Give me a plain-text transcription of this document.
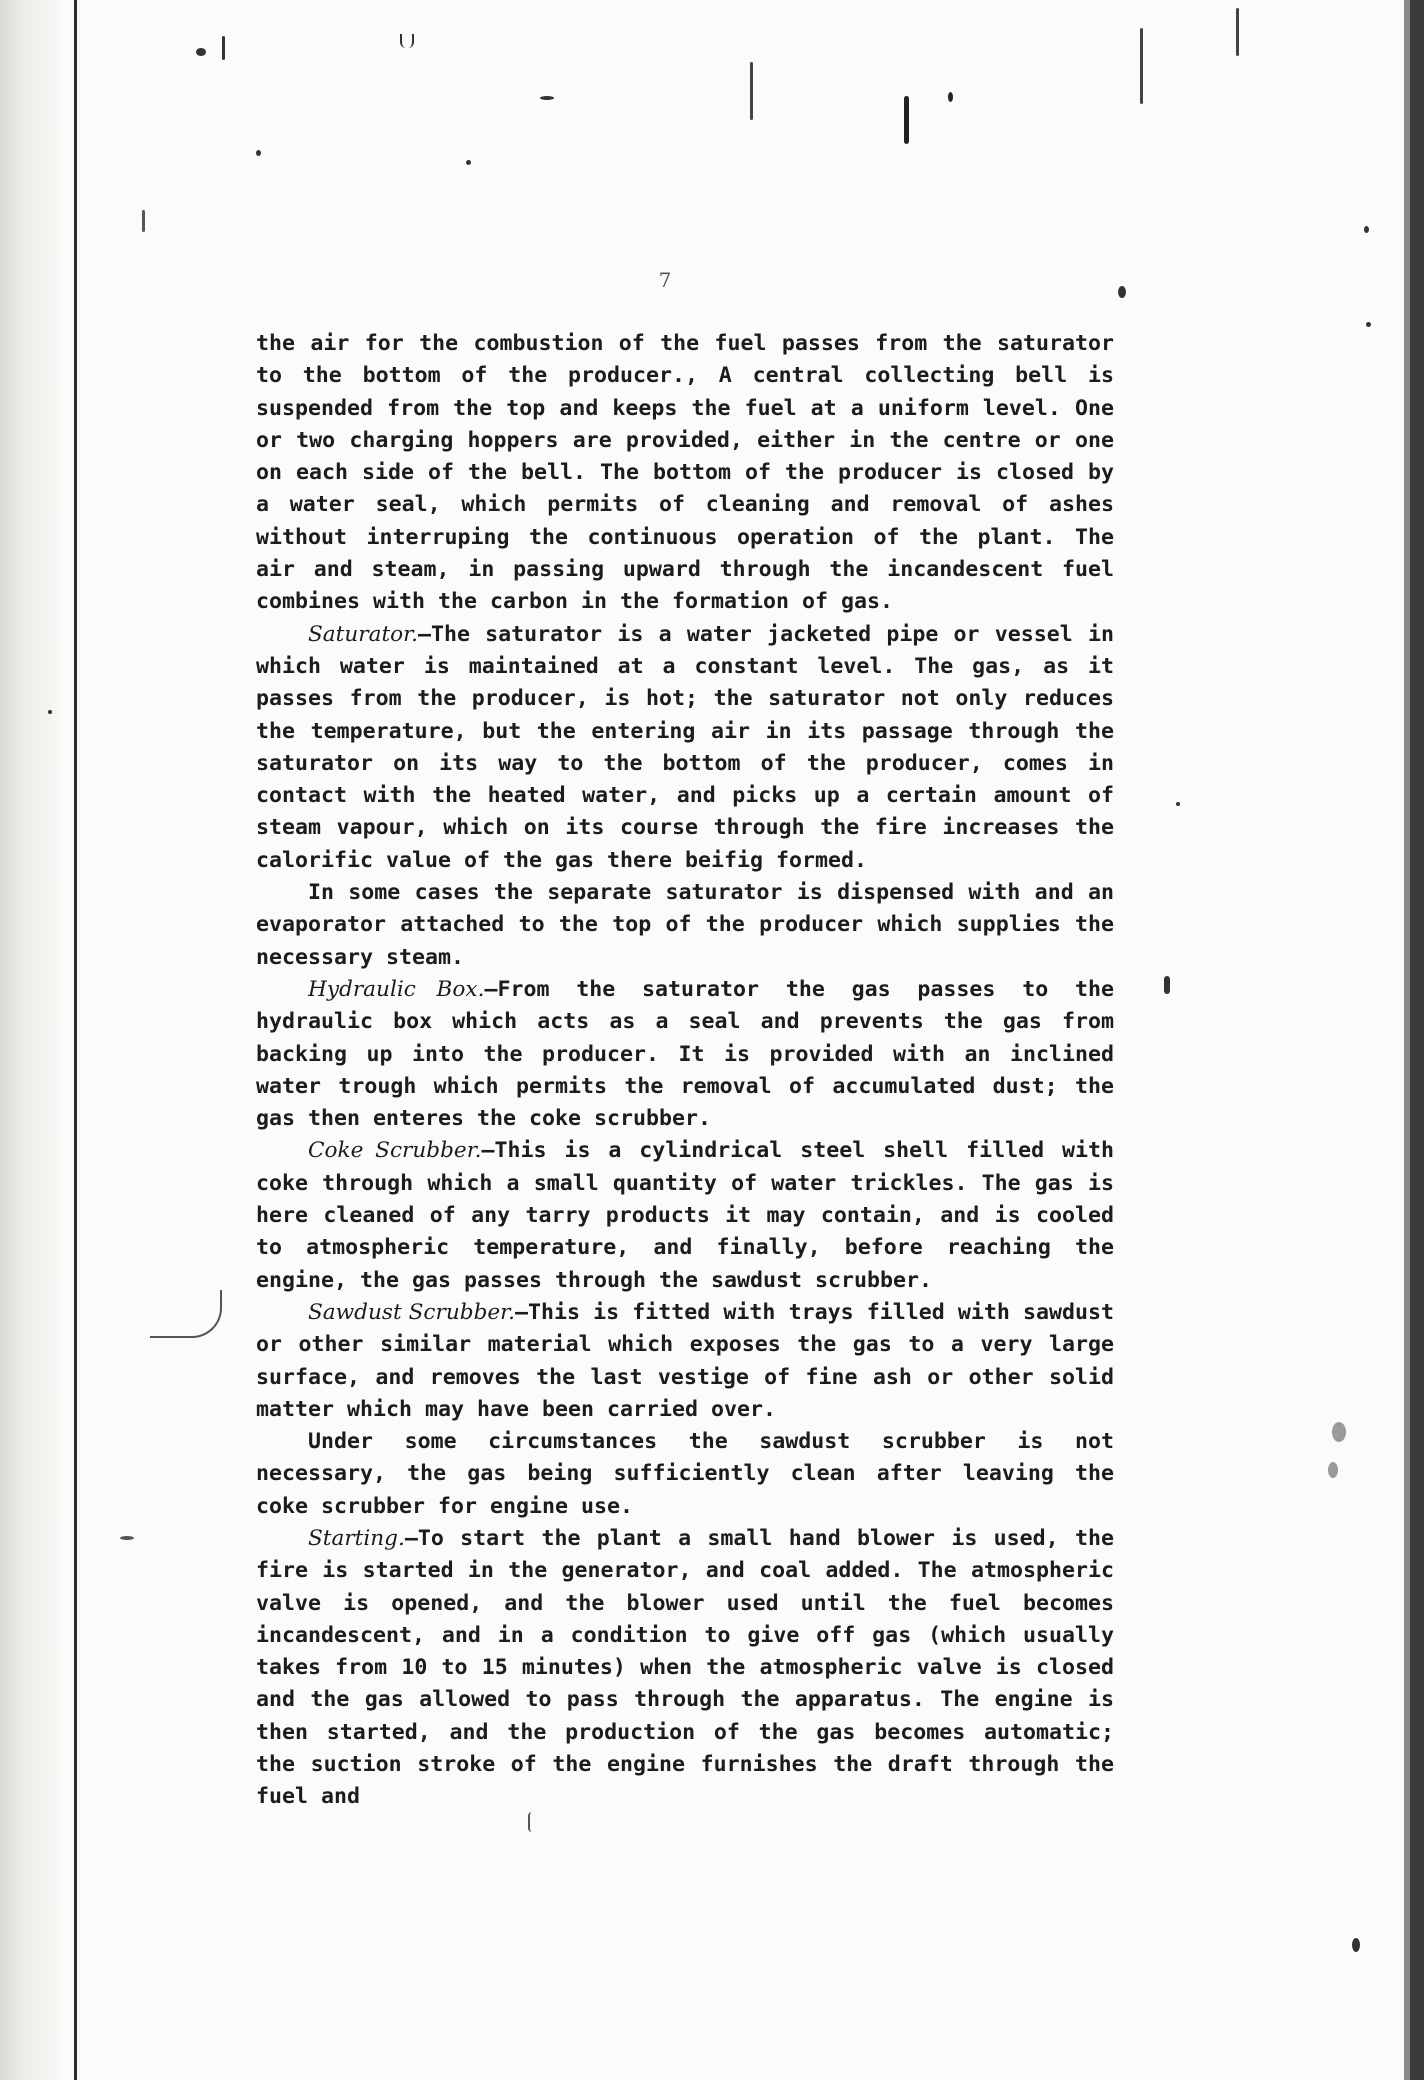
7

the air for the combustion of the fuel passes from the saturator to the bottom of the producer., A central collecting bell is suspended from the top and keeps the fuel at a uniform level. One or two charging hoppers are provided, either in the centre or one on each side of the bell. The bottom of the producer is closed by a water seal, which permits of cleaning and removal of ashes without interruping the continuous operation of the plant. The air and steam, in passing upward through the incandescent fuel combines with the carbon in the formation of gas.

Saturator.—The saturator is a water jacketed pipe or vessel in which water is maintained at a constant level. The gas, as it passes from the producer, is hot; the saturator not only reduces the temperature, but the entering air in its passage through the saturator on its way to the bottom of the producer, comes in contact with the heated water, and picks up a certain amount of steam vapour, which on its course through the fire increases the calorific value of the gas there beifig formed.

In some cases the separate saturator is dispensed with and an evaporator attached to the top of the producer which supplies the necessary steam.

Hydraulic Box.—From the saturator the gas passes to the hydraulic box which acts as a seal and prevents the gas from backing up into the producer. It is provided with an inclined water trough which permits the removal of accumulated dust; the gas then enteres the coke scrubber.

Coke Scrubber.—This is a cylindrical steel shell filled with coke through which a small quantity of water trickles. The gas is here cleaned of any tarry products it may contain, and is cooled to atmospheric temperature, and finally, before reaching the engine, the gas passes through the sawdust scrubber.

Sawdust Scrubber.—This is fitted with trays filled with sawdust or other similar material which exposes the gas to a very large surface, and removes the last vestige of fine ash or other solid matter which may have been carried over.

Under some circumstances the sawdust scrubber is not necessary, the gas being sufficiently clean after leaving the coke scrubber for engine use.

Starting.—To start the plant a small hand blower is used, the fire is started in the generator, and coal added. The atmospheric valve is opened, and the blower used until the fuel becomes incandescent, and in a condition to give off gas (which usually takes from 10 to 15 minutes) when the atmospheric valve is closed and the gas allowed to pass through the apparatus. The engine is then started, and the production of the gas becomes automatic; the suction stroke of the engine furnishes the draft through the fuel and
